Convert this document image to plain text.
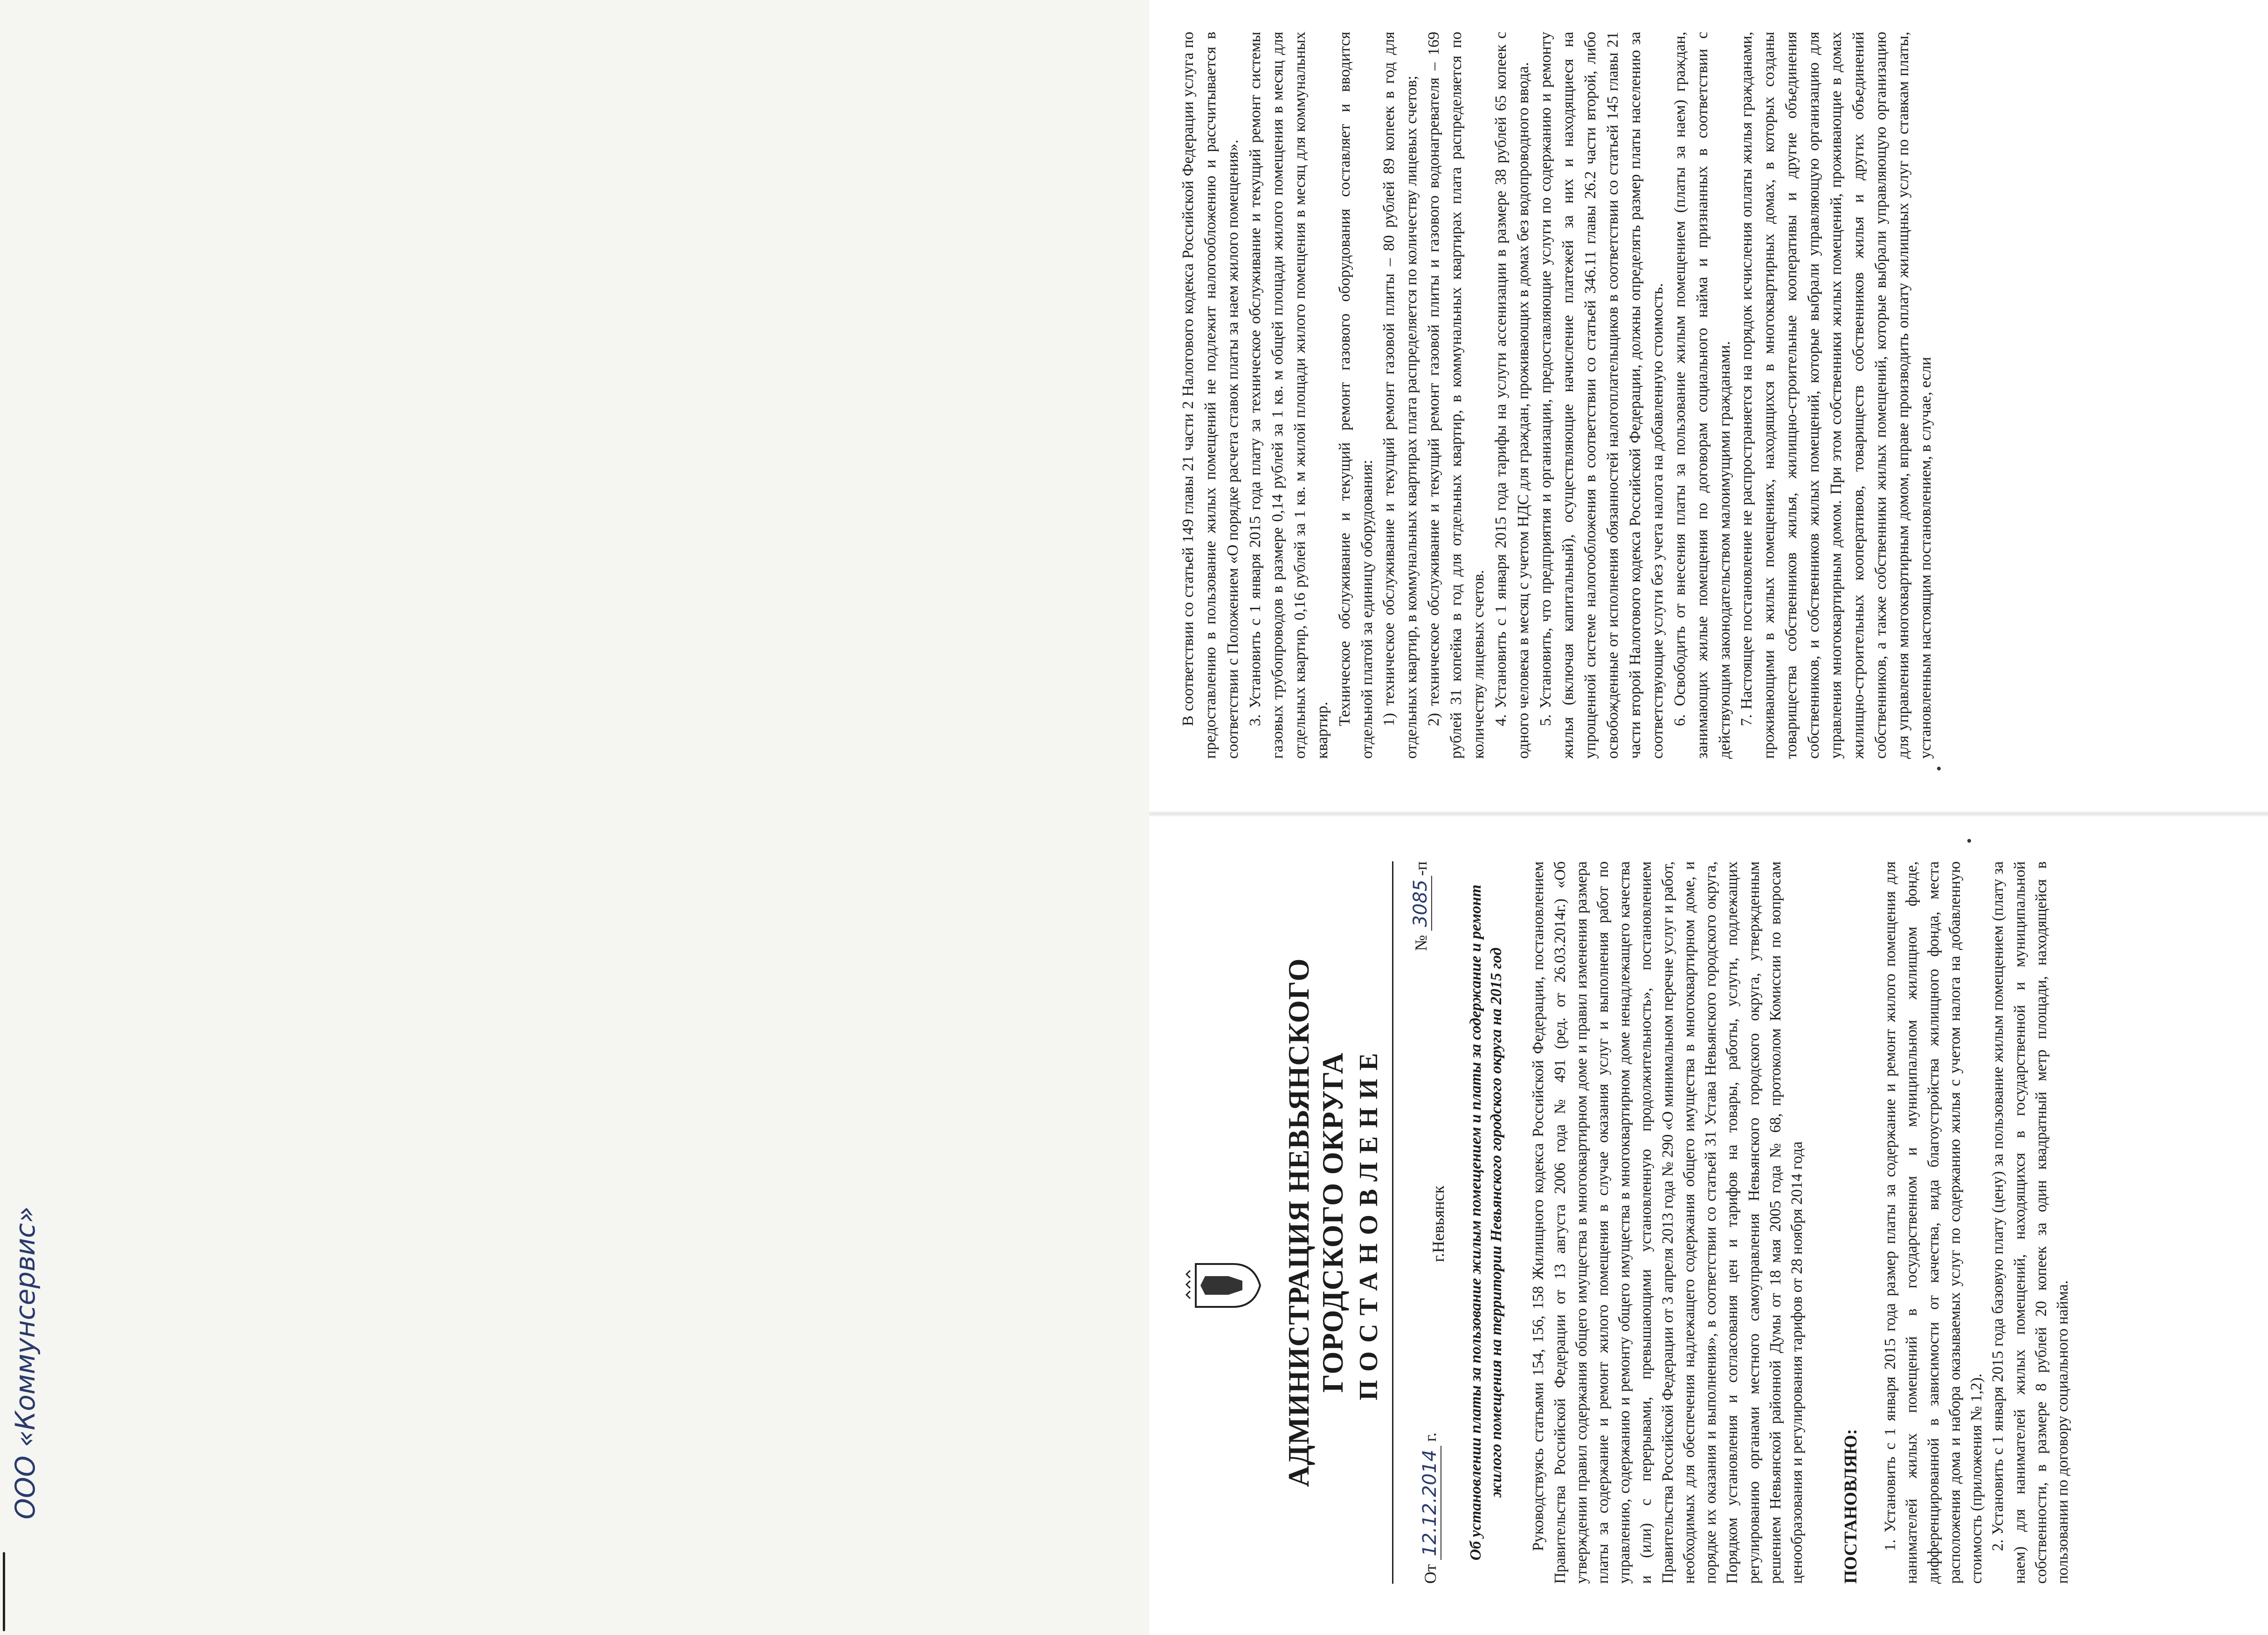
АДМИНИСТРАЦИЯ НЕВЬЯНСКОГО ГОРОДСКОГО ОКРУГА ПОСТАНОВЛЕНИЕ
От 12.12.2014 г.
г.Невьянск
№ 3085-п

Об установлении платы за пользование жилым помещением и платы за содержание и ремонт жилого помещения на территории Невьянского городского округа на 2015 год Руководствуясь статьями 154, 156, 158 Жилищного кодекса Российской Федерации, постановлением Правительства Российской Федерации от 13 августа 2006 года № 491 (ред. от 26.03.2014г.) «Об утверждении правил содержания общего имущества в многоквартирном доме и правил изменения размера платы за содержание и ремонт жилого помещения в случае оказания услуг и выполнения работ по управлению, содержанию и ремонту общего имущества в многоквартирном доме ненадлежащего качества и (или) с перерывами, превышающими установленную продолжительность», постановлением Правительства Российской Федерации от 3 апреля 2013 года № 290 «О минимальном перечне услуг и работ, необходимых для обеспечения надлежащего содержания общего имущества в многоквартирном доме, и порядке их оказания и выполнения», в соответствии со статьей 31 Устава Невьянского городского округа, Порядком установления и согласования цен и тарифов на товары, работы, услуги, подлежащих регулированию органами местного самоуправления Невьянского городского округа, утвержденным решением Невьянской районной Думы от 18 мая 2005 года № 68, протоколом Комиссии по вопросам ценообразования и регулирования тарифов от 28 ноября 2014 года ПОСТАНОВЛЯЮ: 1. Установить с 1 января 2015 года размер платы за содержание и ремонт жилого помещения для нанимателей жилых помещений в государственном и муниципальном жилищном фонде, дифференцированной в зависимости от качества, вида благоустройства жилищного фонда, места расположения дома и набора оказываемых услуг по содержанию жилья с учетом налога на добавленную стоимость (приложения № 1,2). 2. Установить с 1 января 2015 года базовую плату (цену) за пользование жилым помещением (плату за наем) для нанимателей жилых помещений, находящихся в государственной и муниципальной собственности, в размере 8 рублей 20 копеек за один квадратный метр площади, находящейся в пользовании по договору социального найма.

В соответствии со статьей 149 главы 21 части 2 Налогового кодекса Российской Федерации услуга по предоставлению в пользование жилых помещений не подлежит налогообложению и рассчитывается в соответствии с Положением «О порядке расчета ставок платы за наем жилого помещения». 3. Установить с 1 января 2015 года плату за техническое обслуживание и текущий ремонт системы газовых трубопроводов в размере 0,14 рублей за 1 кв. м общей площади жилого помещения в месяц для отдельных квартир, 0,16 рублей за 1 кв. м жилой площади жилого помещения в месяц для коммунальных квартир.

Техническое обслуживание и текущий ремонт газового оборудования составляет и вводится отдельной платой за единицу оборудования: 1) техническое обслуживание и текущий ремонт газовой плиты – 80 рублей 89 копеек в год для отдельных квартир, в коммунальных квартирах плата распределяется по количеству лицевых счетов; 2) техническое обслуживание и текущий ремонт газовой плиты и газового водонагревателя – 169 рублей 31 копейка в год для отдельных квартир, в коммунальных квартирах плата распределяется по количеству лицевых счетов. 4. Установить с 1 января 2015 года тарифы на услуги ассенизации в размере 38 рублей 65 копеек с одного человека в месяц с учетом НДС для граждан, проживающих в домах без водопроводного ввода. 5. Установить, что предприятия и организации, предоставляющие услуги по содержанию и ремонту жилья (включая капитальный), осуществляющие начисление платежей за них и находящиеся на упрощенной системе налогообложения в соответствии со статьей 346.11 главы 26.2 части второй, либо освобожденные от исполнения обязанностей налогоплательщиков в соответствии со статьей 145 главы 21 части второй Налогового кодекса Российской Федерации, должны определять размер платы населению за соответствующие услуги без учета налога на добавленную стоимость. 6. Освободить от внесения платы за пользование жилым помещением (платы за наем) граждан, занимающих жилые помещения по договорам социального найма и признанных в соответствии с действующим законодательством малоимущими гражданами. 7. Настоящее постановление не распространяется на порядок исчисления оплаты жилья гражданами, проживающими в жилых помещениях, находящихся в многоквартирных домах, в которых созданы товарищества собственников жилья, жилищно-строительные кооперативы и другие объединения собственников, и собственников жилых помещений, которые выбрали управляющую организацию для управления многоквартирным домом. При этом собственники жилых помещений, проживающие в домах жилищно-строительных кооперативов, товариществ собственников жилья и других объединений собственников, а также собственники жилых помещений, которые выбрали управляющую организацию для управления многоквартирным домом, вправе производить оплату жилищных услуг по ставкам платы, установленным настоящим постановлением, в случае, если

ООО «Коммунсервис»
